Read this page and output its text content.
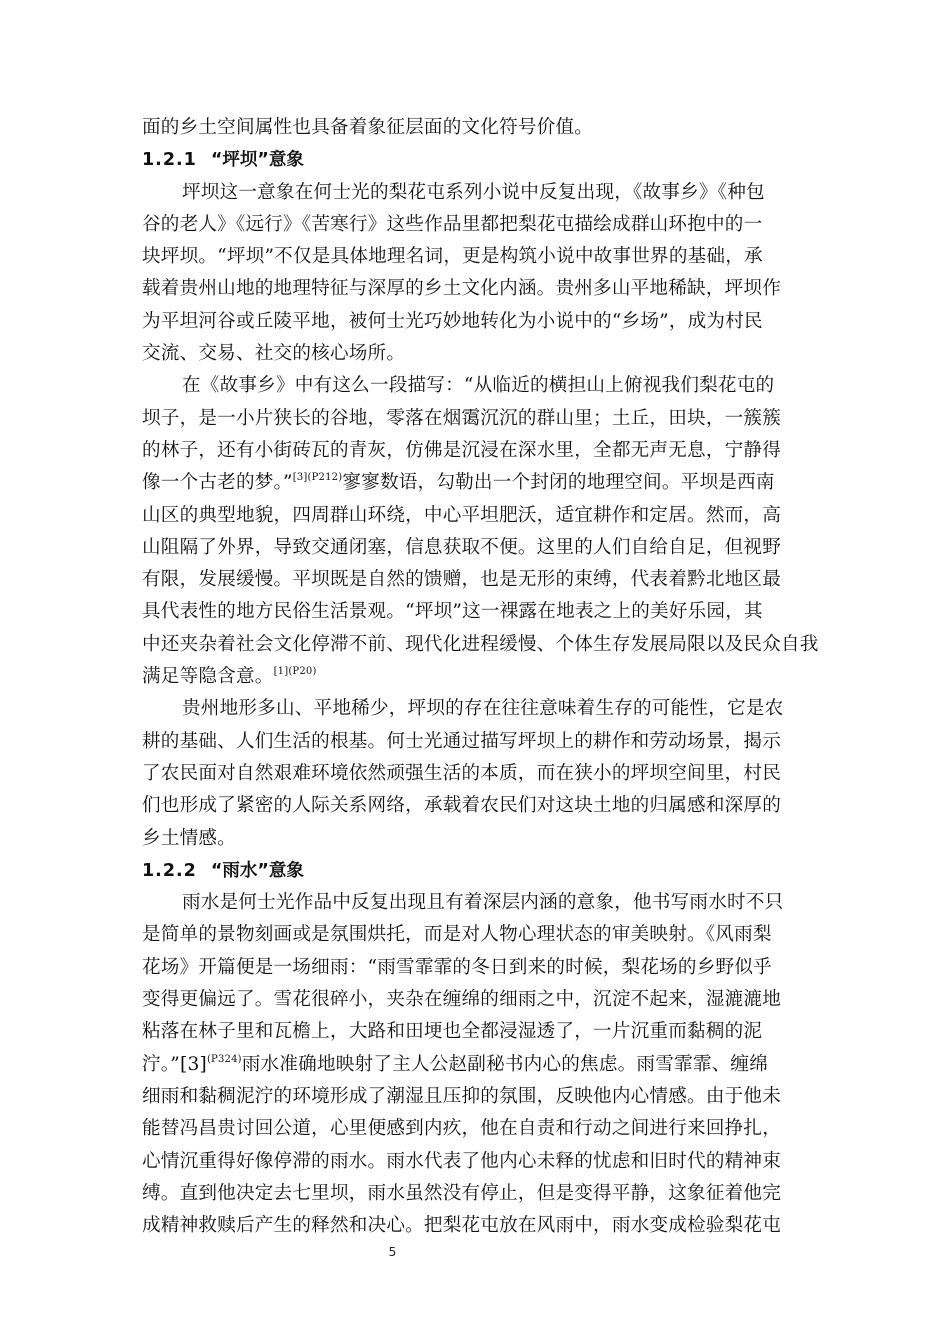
面的乡土空间属性也具备着象征层面的文化符号价值。
1.2.1 “坪坝”意象
坪坝这一意象在何士光的梨花屯系列小说中反复出现，《故事乡》《种包
谷的老人》《远行》《苦寒行》这些作品里都把梨花屯描绘成群山环抱中的一
块坪坝。“坪坝”不仅是具体地理名词，更是构筑小说中故事世界的基础，承
载着贵州山地的地理特征与深厚的乡土文化内涵。贵州多山平地稀缺，坪坝作
为平坦河谷或丘陵平地，被何士光巧妙地转化为小说中的“乡场”，成为村民
交流、交易、社交的核心场所。
在《故事乡》中有这么一段描写：“从临近的横担山上俯视我们梨花屯的
坝子，是一小片狭长的谷地，零落在烟霭沉沉的群山里；土丘，田块，一簇簇
的林子，还有小街砖瓦的青灰，仿佛是沉浸在深水里，全都无声无息，宁静得
像一个古老的梦。”$^{[3](P212)}$寥寥数语，勾勒出一个封闭的地理空间。平坝是西南
山区的典型地貌，四周群山环绕，中心平坦肥沃，适宜耕作和定居。然而，高
山阻隔了外界，导致交通闭塞，信息获取不便。这里的人们自给自足，但视野
有限，发展缓慢。平坝既是自然的馈赠，也是无形的束缚，代表着黔北地区最
具代表性的地方民俗生活景观。“坪坝”这一裸露在地表之上的美好乐园，其
中还夹杂着社会文化停滞不前、现代化进程缓慢、个体生存发展局限以及民众自我
满足等隐含意。$^{[1](P20)}$
贵州地形多山、平地稀少，坪坝的存在往往意味着生存的可能性，它是农
耕的基础、人们生活的根基。何士光通过描写坪坝上的耕作和劳动场景，揭示
了农民面对自然艰难环境依然顽强生活的本质，而在狭小的坪坝空间里，村民
们也形成了紧密的人际关系网络，承载着农民们对这块土地的归属感和深厚的
乡土情感。
1.2.2 “雨水”意象
雨水是何士光作品中反复出现且有着深层内涵的意象，他书写雨水时不只
是简单的景物刻画或是氛围烘托，而是对人物心理状态的审美映射。《风雨梨
花场》开篇便是一场细雨：“雨雪霏霏的冬日到来的时候，梨花场的乡野似乎
变得更偏远了。雪花很碎小，夹杂在缠绵的细雨之中，沉淀不起来，湿漉漉地
粘落在林子里和瓦檐上，大路和田埂也全都浸湿透了，一片沉重而黏稠的泥
泞。$”[3]^{(P324)}$雨水准确地映射了主人公赵副秘书内心的焦虑。雨雪霏霏、缠绵
细雨和黏稠泥泞的环境形成了潮湿且压抑的氛围，反映他内心情感。由于他未
能替冯昌贵讨回公道，心里便感到内疚，他在自责和行动之间进行来回挣扎，
心情沉重得好像停滞的雨水。雨水代表了他内心未释的忧虑和旧时代的精神束
缚。直到他决定去七里坝，雨水虽然没有停止，但是变得平静，这象征着他完
成精神救赎后产生的释然和决心。把梨花屯放在风雨中，雨水变成检验梨花屯
5
